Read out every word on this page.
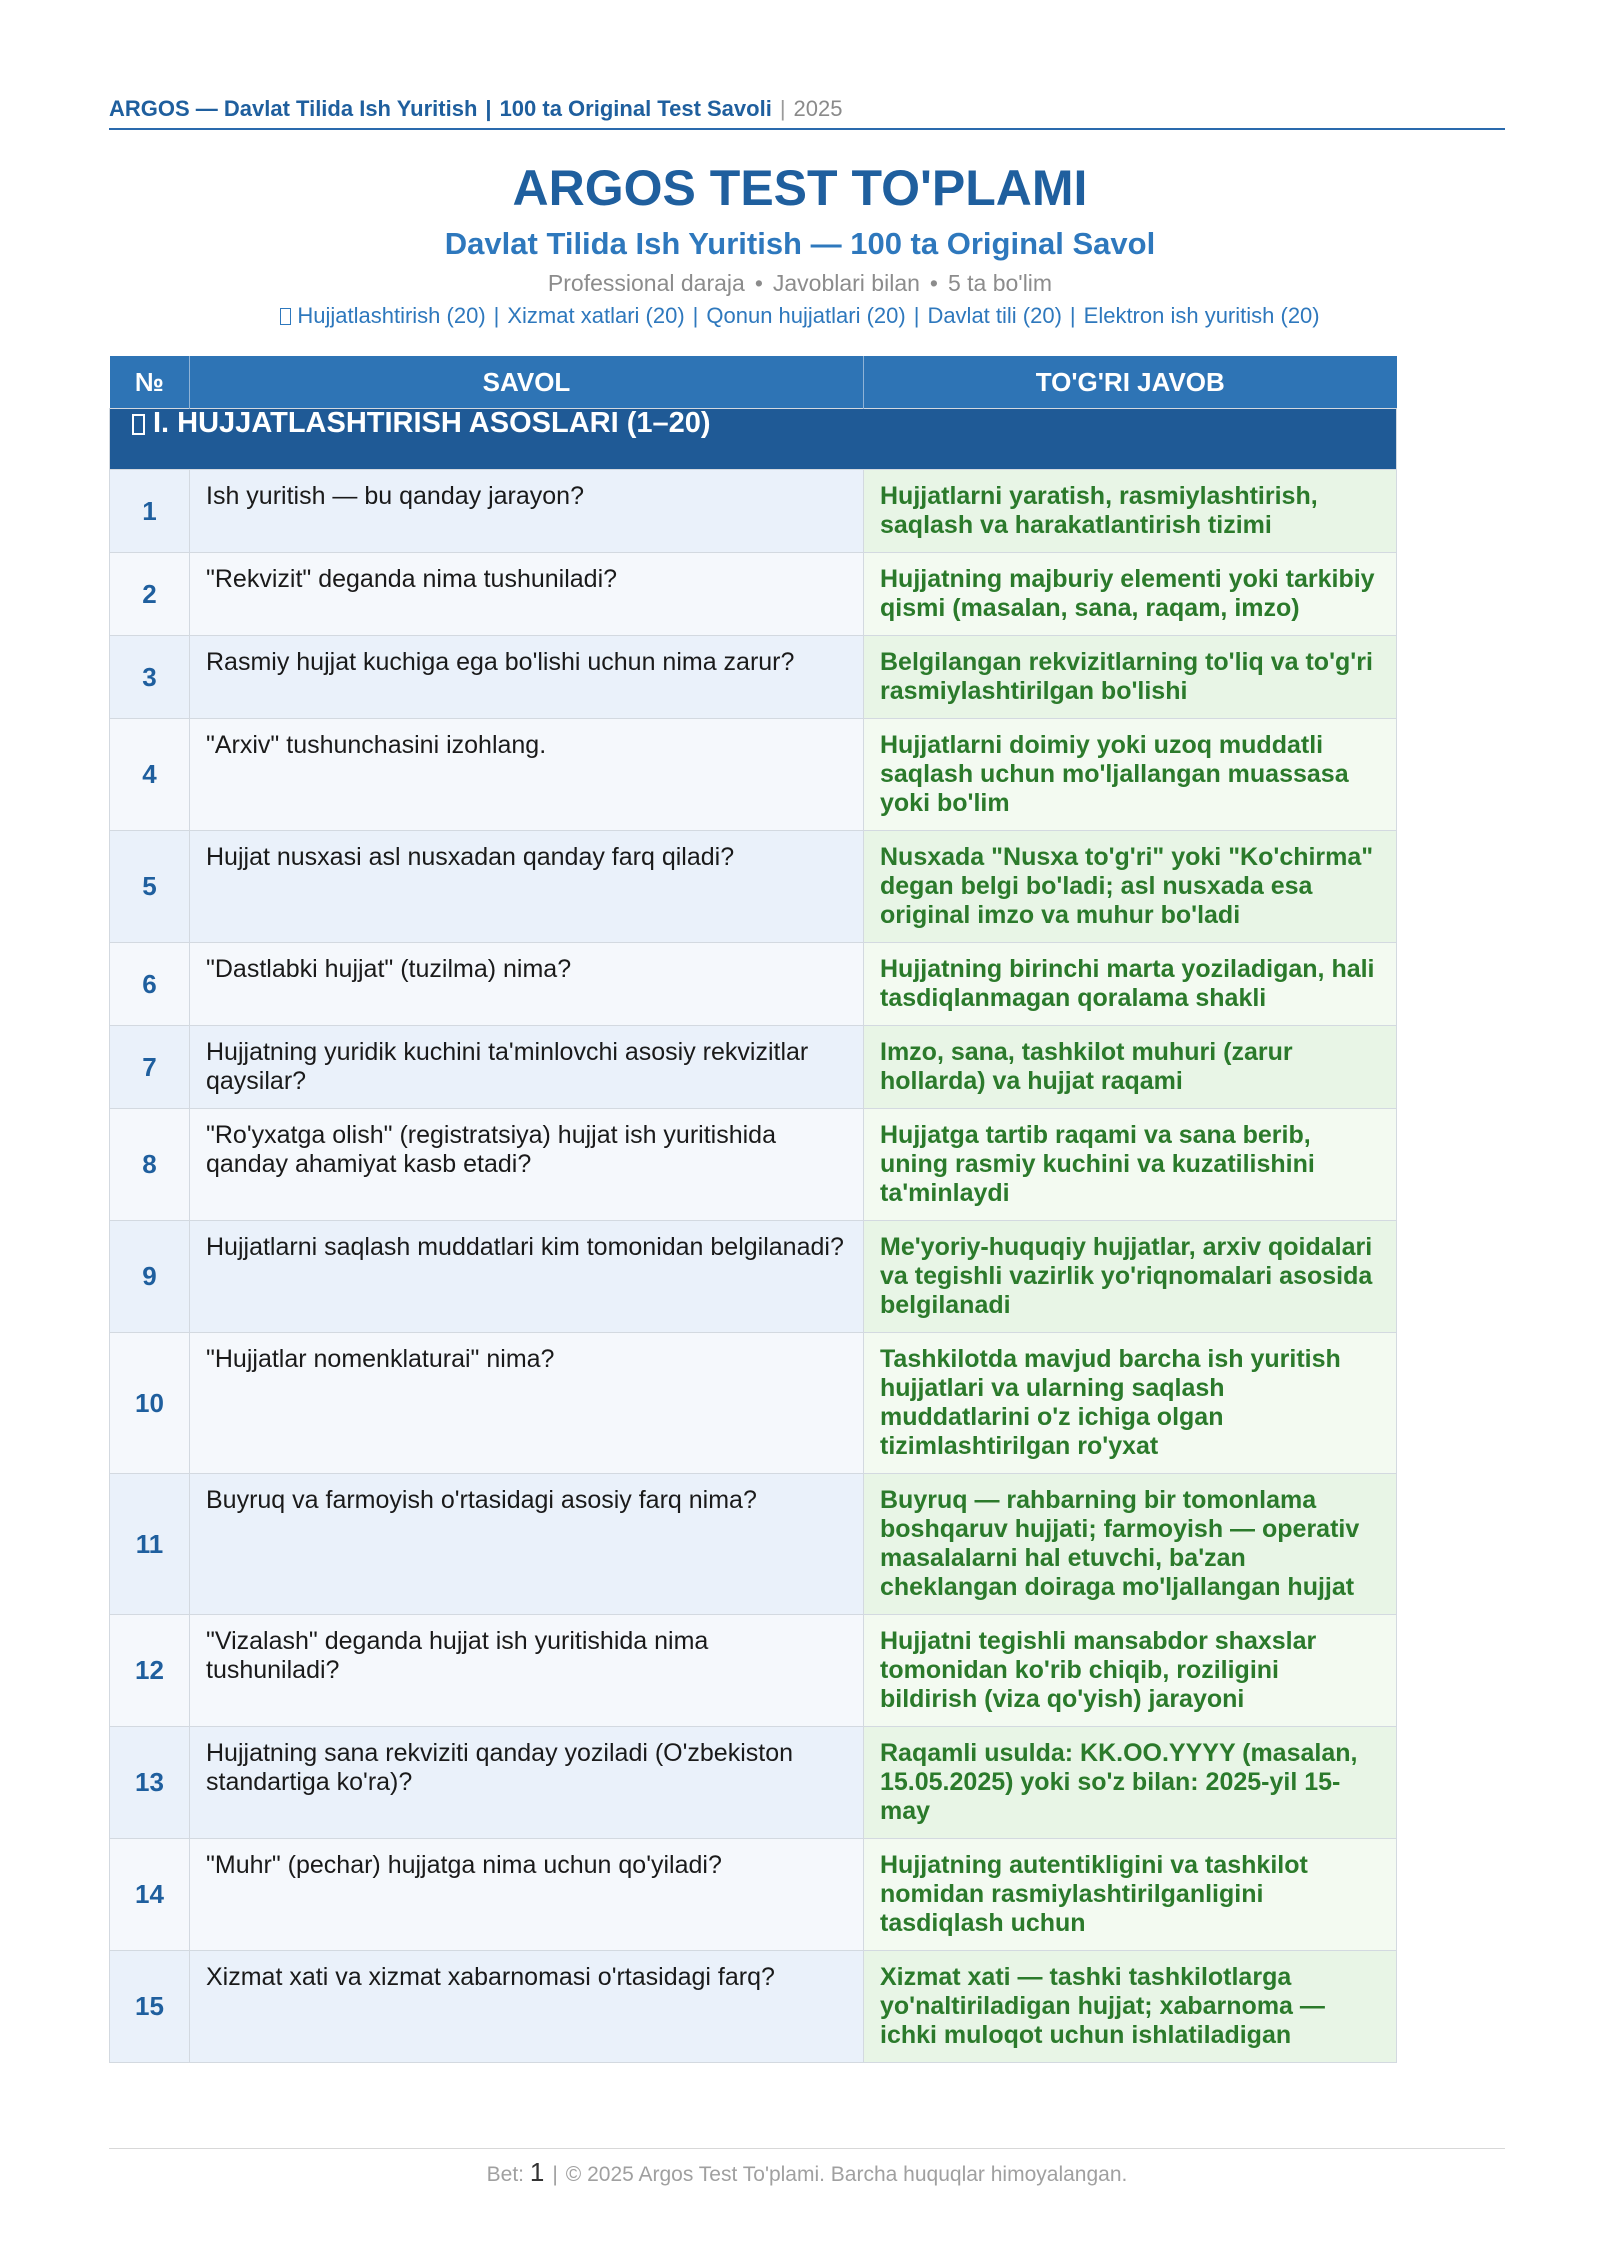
ARGOS — Davlat Tilida Ish Yuritish | 100 ta Original Test Savoli | 2025
ARGOS TEST TO'PLAMI
Davlat Tilida Ish Yuritish — 100 ta Original Savol
Professional daraja • Javoblari bilan • 5 ta bo'lim
Hujjatlashtirish (20) | Xizmat xatlari (20) | Qonun hujjatlari (20) | Davlat tili (20) | Elektron ish yuritish (20)
№	SAVOL	TO'G'RI JAVOB
I. HUJJATLASHTIRISH ASOSLARI (1–20)		
1	Ish yuritish — bu qanday jarayon?	Hujjatlarni yaratish, rasmiylashtirish, saqlash va harakatlantirish tizimi
2	"Rekvizit" deganda nima tushuniladi?	Hujjatning majburiy elementi yoki tarkibiy qismi (masalan, sana, raqam, imzo)
3	Rasmiy hujjat kuchiga ega bo'lishi uchun nima zarur?	Belgilangan rekvizitlarning to'liq va to'g'ri rasmiylashtirilgan bo'lishi
4	"Arxiv" tushunchasini izohlang.	Hujjatlarni doimiy yoki uzoq muddatli saqlash uchun mo'ljallangan muassasa yoki bo'lim
5	Hujjat nusxasi asl nusxadan qanday farq qiladi?	Nusxada "Nusxa to'g'ri" yoki "Ko'chirma" degan belgi bo'ladi; asl nusxada esa original imzo va muhur bo'ladi
6	"Dastlabki hujjat" (tuzilma) nima?	Hujjatning birinchi marta yoziladigan, hali tasdiqlanmagan qoralama shakli
7	Hujjatning yuridik kuchini ta'minlovchi asosiy rekvizitlar qaysilar?	Imzo, sana, tashkilot muhuri (zarur hollarda) va hujjat raqami
8	"Ro'yxatga olish" (registratsiya) hujjat ish yuritishida qanday ahamiyat kasb etadi?	Hujjatga tartib raqami va sana berib, uning rasmiy kuchini va kuzatilishini ta'minlaydi
9	Hujjatlarni saqlash muddatlari kim tomonidan belgilanadi?	Me'yoriy-huquqiy hujjatlar, arxiv qoidalari va tegishli vazirlik yo'riqnomalari asosida belgilanadi
10	"Hujjatlar nomenklaturai" nima?	Tashkilotda mavjud barcha ish yuritish hujjatlari va ularning saqlash muddatlarini o'z ichiga olgan tizimlashtirilgan ro'yxat
11	Buyruq va farmoyish o'rtasidagi asosiy farq nima?	Buyruq — rahbarning bir tomonlama boshqaruv hujjati; farmoyish — operativ masalalarni hal etuvchi, ba'zan cheklangan doiraga mo'ljallangan hujjat
12	"Vizalash" deganda hujjat ish yuritishida nima tushuniladi?	Hujjatni tegishli mansabdor shaxslar tomonidan ko'rib chiqib, roziligini bildirish (viza qo'yish) jarayoni
13	Hujjatning sana rekviziti qanday yoziladi (O'zbekiston standartiga ko'ra)?	Raqamli usulda: KK.OO.YYYY (masalan, 15.05.2025) yoki so'z bilan: 2025-yil 15-may
14	"Muhr" (pechar) hujjatga nima uchun qo'yiladi?	Hujjatning autentikligini va tashkilot nomidan rasmiylashtirilganligini tasdiqlash uchun
15	Xizmat xati va xizmat xabarnomasi o'rtasidagi farq?	Xizmat xati — tashki tashkilotlarga yo'naltiriladigan hujjat; xabarnoma — ichki muloqot uchun ishlatiladigan
Bet: 1 | © 2025 Argos Test To'plami. Barcha huquqlar himoyalangan.
